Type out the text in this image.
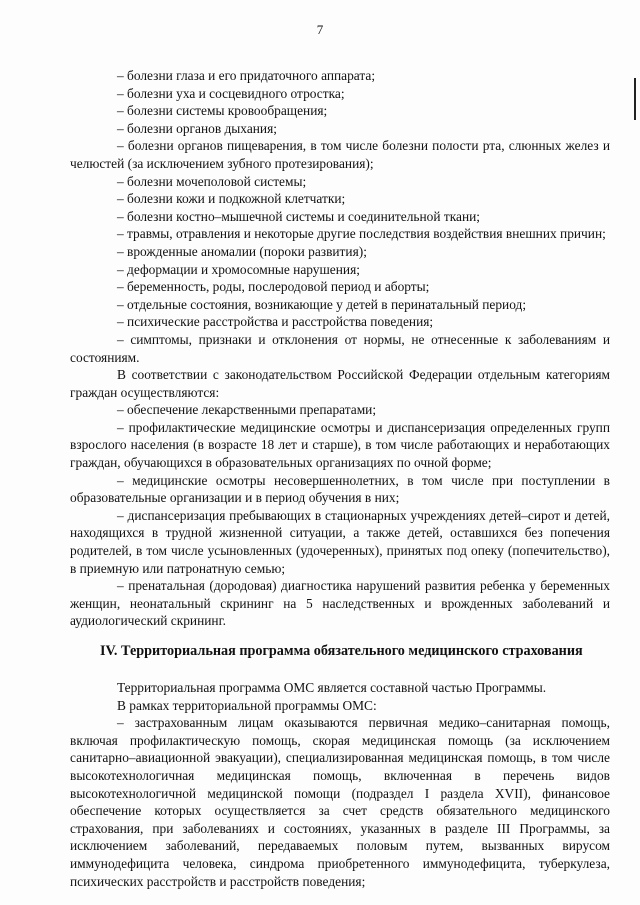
7

– болезни глаза и его придаточного аппарата;

– болезни уха и сосцевидного отростка;

– болезни системы кровообращения;

– болезни органов дыхания;

– болезни органов пищеварения, в том числе болезни полости рта, слюнных желез и челюстей (за исключением зубного протезирования);

– болезни мочеполовой системы;

– болезни кожи и подкожной клетчатки;

– болезни костно–мышечной системы и соединительной ткани;

– травмы, отравления и некоторые другие последствия воздействия внешних причин;

– врожденные аномалии (пороки развития);

– деформации и хромосомные нарушения;

– беременность, роды, послеродовой период и аборты;

– отдельные состояния, возникающие у детей в перинатальный период;

– психические расстройства и расстройства поведения;

– симптомы, признаки и отклонения от нормы, не отнесенные к заболеваниям и состояниям.

В соответствии с законодательством Российской Федерации отдельным категориям граждан осуществляются:

– обеспечение лекарственными препаратами;

– профилактические медицинские осмотры и диспансеризация определенных групп взрослого населения (в возрасте 18 лет и старше), в том числе работающих и неработающих граждан, обучающихся в образовательных организациях по очной форме;

– медицинские осмотры несовершеннолетних, в том числе при поступлении в образовательные организации и в период обучения в них;

– диспансеризация пребывающих в стационарных учреждениях детей–сирот и детей, находящихся в трудной жизненной ситуации, а также детей, оставшихся без попечения родителей, в том числе усыновленных (удочеренных), принятых под опеку (попечительство), в приемную или патронатную семью;

– пренатальная (дородовая) диагностика нарушений развития ребенка у беременных женщин, неонатальный скрининг на 5 наследственных и врожденных заболеваний и аудиологический скрининг.

IV. Территориальная программа обязательного медицинского страхования

Территориальная программа ОМС является составной частью Программы.

В рамках территориальной программы ОМС:

– застрахованным лицам оказываются первичная медико–санитарная помощь, включая профилактическую помощь, скорая медицинская помощь (за исключением санитарно–авиационной эвакуации), специализированная медицинская помощь, в том числе высокотехнологичная медицинская помощь, включенная в перечень видов высокотехнологичной медицинской помощи (подраздел I раздела XVII), финансовое обеспечение которых осуществляется за счет средств обязательного медицинского страхования, при заболеваниях и состояниях, указанных в разделе III Программы, за исключением заболеваний, передаваемых половым путем, вызванных вирусом иммунодефицита человека, синдрома приобретенного иммунодефицита, туберкулеза, психических расстройств и расстройств поведения;
